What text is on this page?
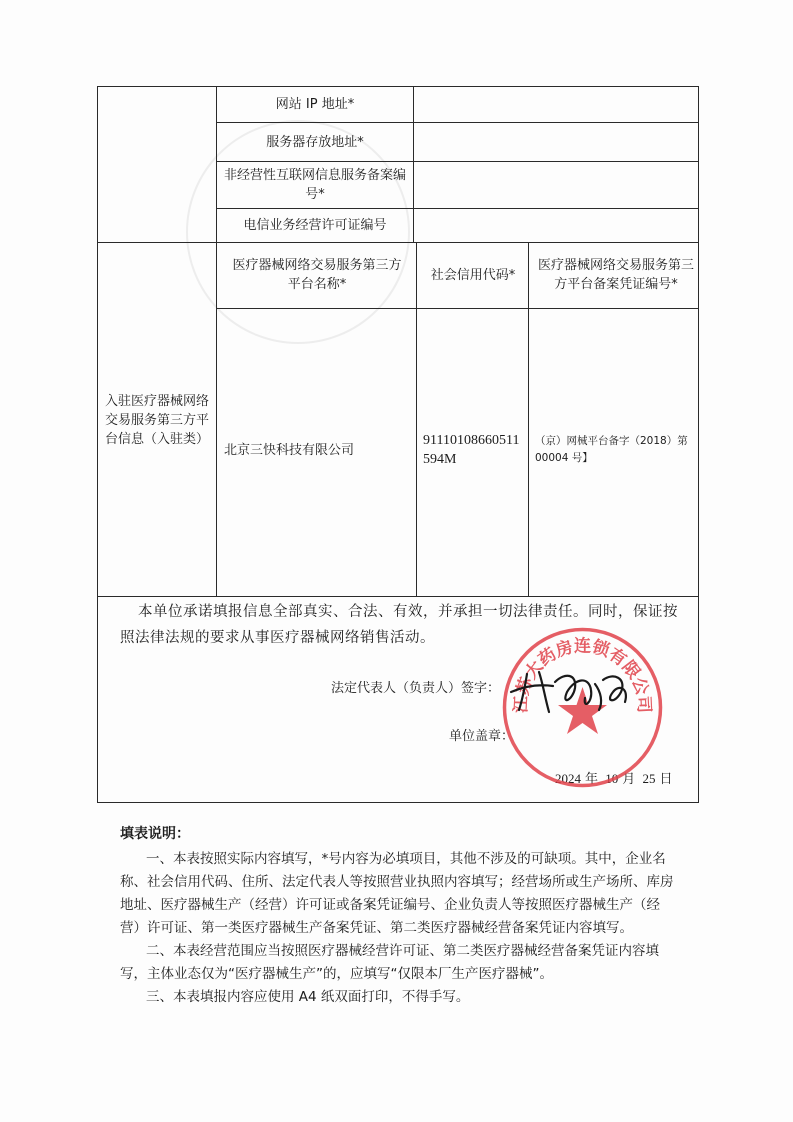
网站 IP 地址*
服务器存放地址*
非经营性互联网信息服务备案编号*
电信业务经营许可证编号
入驻医疗器械网络交易服务第三方平台信息（入驻类）
医疗器械网络交易服务第三方平台名称*
社会信用代码*
医疗器械网络交易服务第三方平台备案凭证编号*
北京三快科技有限公司
91110108660511594M
（京）网械平台备字（2018）第00004 号】

本单位承诺填报信息全部真实、合法、有效，并承担一切法律责任。同时，保证按照法律法规的要求从事医疗器械网络销售活动。

法定代表人（负责人）签字：
单位盖章：
2024 年 10 月 25 日
江苏大药房连锁有限公司
填表说明：

一、本表按照实际内容填写，*号内容为必填项目，其他不涉及的可缺项。其中，企业名称、社会信用代码、住所、法定代表人等按照营业执照内容填写；经营场所或生产场所、库房地址、医疗器械生产（经营）许可证或备案凭证编号、企业负责人等按照医疗器械生产（经营）许可证、第一类医疗器械生产备案凭证、第二类医疗器械经营备案凭证内容填写。

二、本表经营范围应当按照医疗器械经营许可证、第二类医疗器械经营备案凭证内容填写，主体业态仅为“医疗器械生产”的，应填写“仅限本厂生产医疗器械”。

三、本表填报内容应使用 A4 纸双面打印，不得手写。
